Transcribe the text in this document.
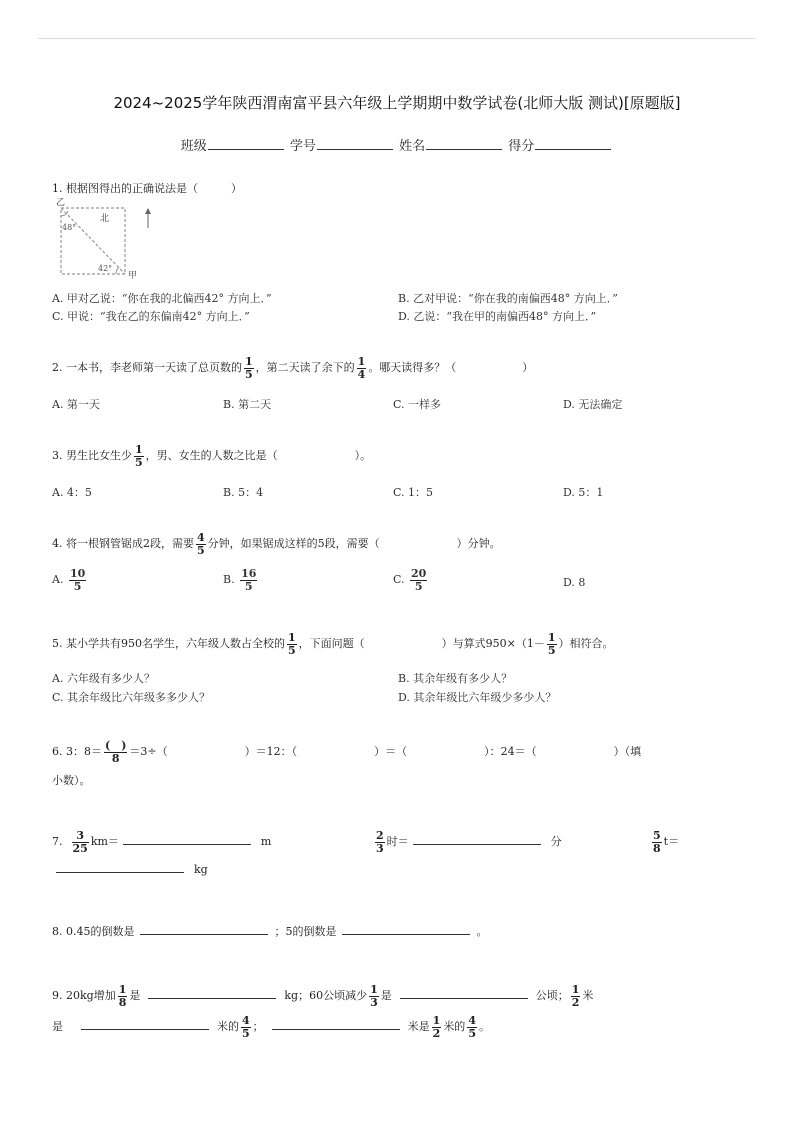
2024~2025学年陕西渭南富平县六年级上学期期中数学试卷(北师大版 测试)[原题版]
班级	学号	姓名	得分
1. 根据图得出的正确说法是（　　　）
乙
甲
48°
42°
北
A. 甲对乙说：“你在我的北偏西42° 方向上．”	B. 乙对甲说：“你在我的南偏西48° 方向上．”
C. 甲说：“我在乙的东偏南42° 方向上．”	D. 乙说：“我在甲的南偏西48° 方向上．”
2. 一本书，李老师第一天读了总页数的 $\frac{1}{5}$ ，第二天读了余下的 $\frac{1}{4}$ 。哪天读得多？（　　　　　　）
A. 第一天	B. 第二天	C. 一样多	D. 无法确定
3. 男生比女生少 $\frac{1}{5}$ ，男、女生的人数之比是（　　　　　　　）。
A. 4：5	B. 5：4	C. 1：5	D. 5：1
4. 将一根钢管锯成2段，需要 $\frac{4}{5}$ 分钟，如果锯成这样的5段，需要（　　　　　　　）分钟。
A. $\frac{10}{5}$	B. $\frac{16}{5}$	C. $\frac{20}{5}$	D. 8
5. 某小学共有950名学生，六年级人数占全校的 $\frac{1}{5}$ ，下面问题（　　　　　　　）与算式$950\times(1- \frac{1}{5}$ ）相符合。
A. 六年级有多少人？	B. 其余年级有多少人？
C. 其余年级比六年级多多少人？	D. 其余年级比六年级少多少人？
6. 3：$8= \frac{( )}{8} =3\div$（　　　　　　　）＝12：（　　　　　　　）＝（　　　　　　　）：24＝（　　　　　　　）（填
小数）。
7. $\frac{3}{25} km=$	m	$\frac{2}{3}$ 时＝	分	$\frac{5}{8} t=$
kg
8. 0.45的倒数是	；5的倒数是	。
9. 20kg增加 $\frac{1}{8}$ 是	kg；60公顷减少 $\frac{1}{3}$ 是	公顷； $\frac{1}{2}$ 米
是	米的 $\frac{4}{5}$ ；	米是 $\frac{1}{2}$ 米的 $\frac{4}{5}$ 。
